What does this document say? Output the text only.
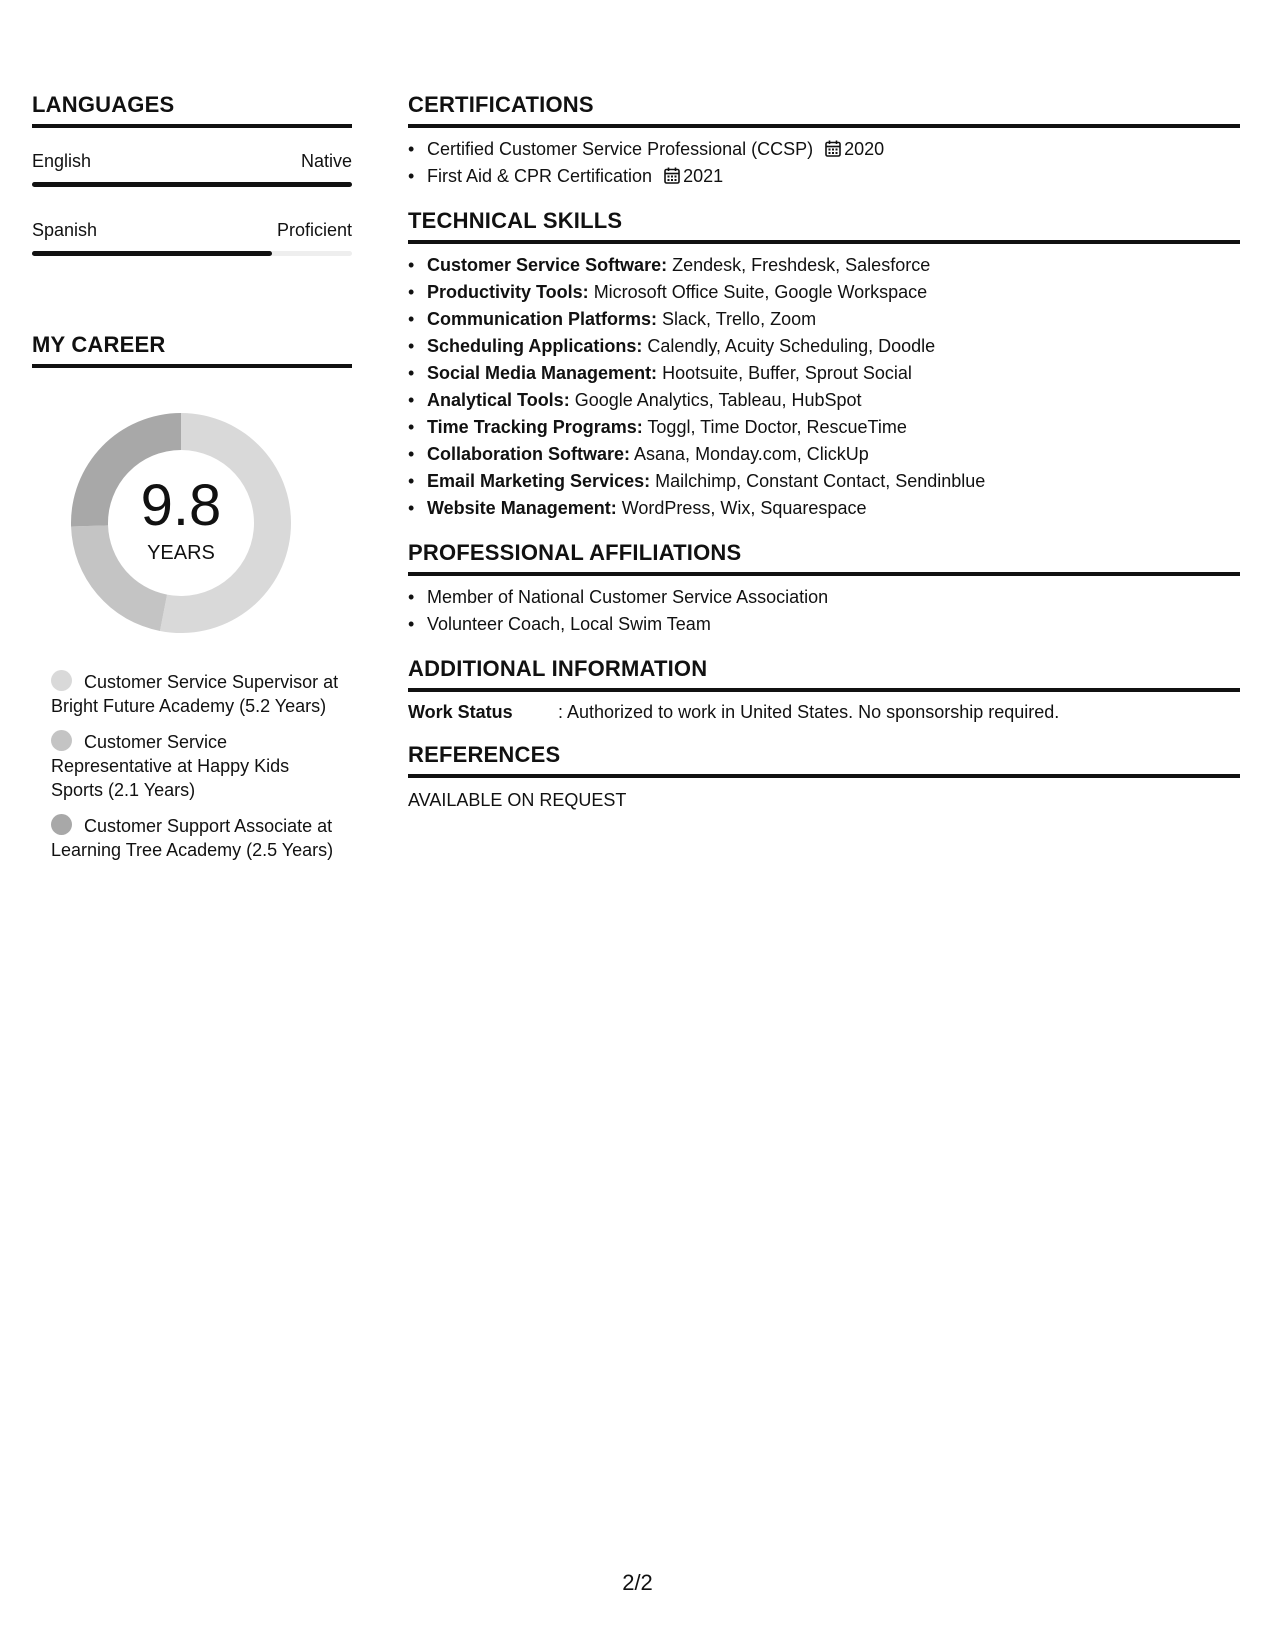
LANGUAGES
English	Native
Spanish	Proficient
MY CAREER
9.8
YEARS
Customer Service Supervisor at Bright Future Academy (5.2 Years)
Customer Service Representative at Happy Kids Sports (2.1 Years)
Customer Support Associate at Learning Tree Academy (2.5 Years)
CERTIFICATIONS
• Certified Customer Service Professional (CCSP) 2020
• First Aid & CPR Certification 2021
TECHNICAL SKILLS
• Customer Service Software: Zendesk, Freshdesk, Salesforce
• Productivity Tools: Microsoft Office Suite, Google Workspace
• Communication Platforms: Slack, Trello, Zoom
• Scheduling Applications: Calendly, Acuity Scheduling, Doodle
• Social Media Management: Hootsuite, Buffer, Sprout Social
• Analytical Tools: Google Analytics, Tableau, HubSpot
• Time Tracking Programs: Toggl, Time Doctor, RescueTime
• Collaboration Software: Asana, Monday.com, ClickUp
• Email Marketing Services: Mailchimp, Constant Contact, Sendinblue
• Website Management: WordPress, Wix, Squarespace
PROFESSIONAL AFFILIATIONS
• Member of National Customer Service Association
• Volunteer Coach, Local Swim Team
ADDITIONAL INFORMATION
Work Status	: Authorized to work in United States. No sponsorship required.
REFERENCES
AVAILABLE ON REQUEST
2/2
